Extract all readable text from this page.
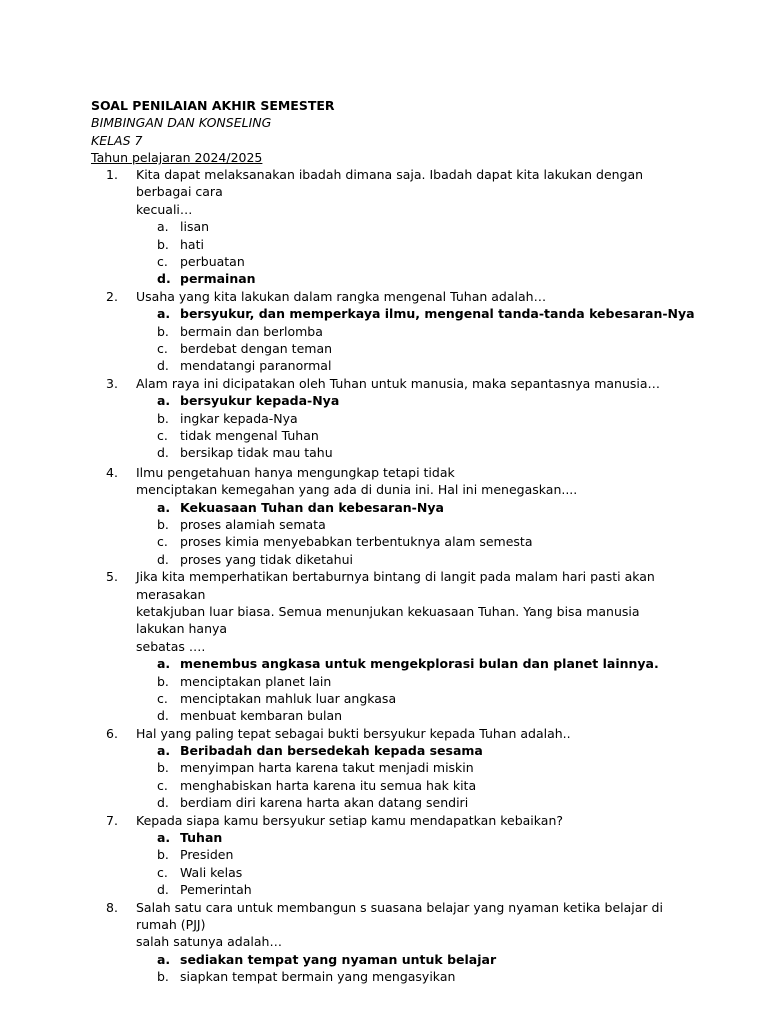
SOAL PENILAIAN AKHIR SEMESTER
BIMBINGAN DAN KONSELING
KELAS 7
Tahun pelajaran 2024/2025
1. Kita dapat melaksanakan ibadah dimana saja. Ibadah dapat kita lakukan dengan berbagai cara
kecuali…
a. lisan
b. hati
c. perbuatan
d. permainan
2. Usaha yang kita lakukan dalam rangka mengenal Tuhan adalah…
a. bersyukur, dan memperkaya ilmu, mengenal tanda-tanda kebesaran-Nya
b. bermain dan berlomba
c. berdebat dengan teman
d. mendatangi paranormal
3. Alam raya ini dicipatakan oleh Tuhan untuk manusia, maka sepantasnya manusia…
a. bersyukur kepada-Nya
b. ingkar kepada-Nya
c. tidak mengenal Tuhan
d. bersikap tidak mau tahu
4. Ilmu pengetahuan hanya mengungkap tetapi tidak
menciptakan kemegahan yang ada di dunia ini. Hal ini menegaskan....
a. Kekuasaan Tuhan dan kebesaran-Nya
b. proses alamiah semata
c. proses kimia menyebabkan terbentuknya alam semesta
d. proses yang tidak diketahui
5. Jika kita memperhatikan bertaburnya bintang di langit pada malam hari pasti akan merasakan
ketakjuban luar biasa. Semua menunjukan kekuasaan Tuhan. Yang bisa manusia lakukan hanya
sebatas ….
a. menembus angkasa untuk mengekplorasi bulan dan planet lainnya.
b. menciptakan planet lain
c. menciptakan mahluk luar angkasa
d. menbuat kembaran bulan
6. Hal yang paling tepat sebagai bukti bersyukur kepada Tuhan adalah..
a. Beribadah dan bersedekah kepada sesama
b. menyimpan harta karena takut menjadi miskin
c. menghabiskan harta karena itu semua hak kita
d. berdiam diri karena harta akan datang sendiri
7. Kepada siapa kamu bersyukur setiap kamu mendapatkan kebaikan?
a. Tuhan
b. Presiden
c. Wali kelas
d. Pemerintah
8. Salah satu cara untuk membangun s suasana belajar yang nyaman ketika belajar di rumah (PJJ)
salah satunya adalah…
a. sediakan tempat yang nyaman untuk belajar
b. siapkan tempat bermain yang mengasyikan
